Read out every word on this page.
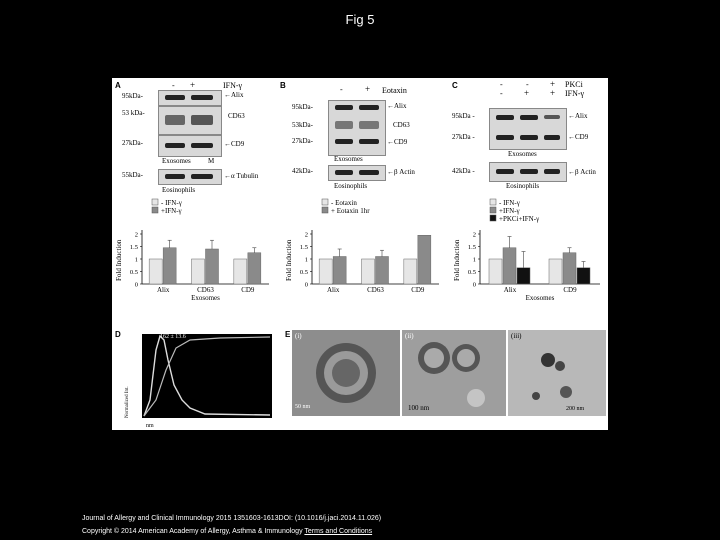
Fig 5
A	- +	IFN-γ
95kDa-
53 kDa-
27kDa-
55kDa-
←Alix
CD63
←CD9
Exosomes M
←α Tubulin
Eosinophils
B	- + Eotaxin
95kDa-
53kDa-
27kDa-
42kDa-
←Alix
CD63
←CD9
Exosomes
←β Actin
Eosinophils
C	-	- + PKCi
- + + IFN-γ
95kDa -
27kDa -
42kDa -
←Alix
←CD9
Exosomes
←β Actin
Eosinophils
- IFN-γ
+IFN-γ
0
0.5
1
1.5
2
Fold Induction
Alix	CD63	CD9
Exosomes
- Eotaxin
+ Eotaxin 1hr
0
0.5
1
1.5
2
Fold Induction
Alix	CD63	CD9
- IFN-γ
+IFN-γ
+PKCi+IFN-γ
0
0.5
1
1.5
2
Fold Induction
Alix	CD9
Exosomes
D
Normalized Int.
162 ± 13.6
nm
E (i)
50 nm
(ii)
100 nm
(iii)
200 nm
Journal of Allergy and Clinical Immunology 2015 1351603-1613DOI: (10.1016/j.jaci.2014.11.026)
Copyright © 2014 American Academy of Allergy, Asthma & Immunology Terms and Conditions
